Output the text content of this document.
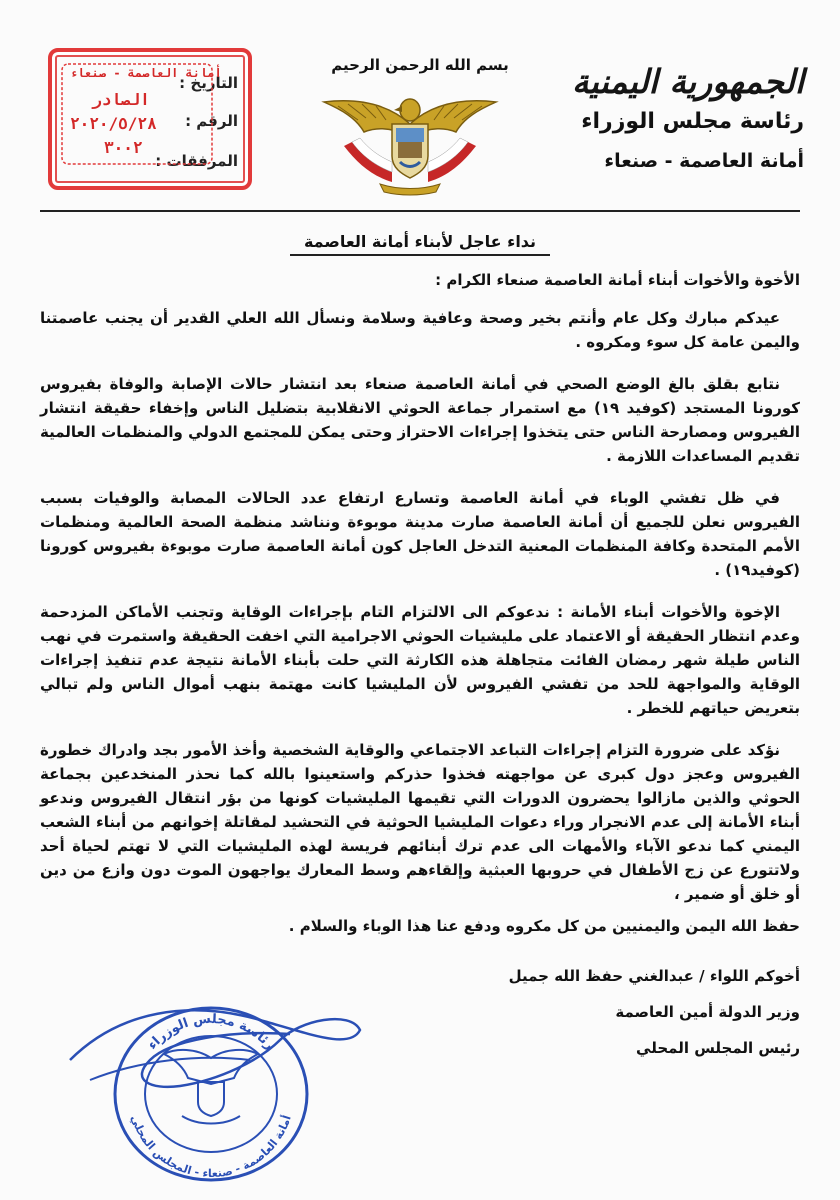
الجمهورية اليمنية
رئاسة مجلس الوزراء
أمانة العاصمة - صنعاء
بسم الله الرحمن الرحيم
التاريخ :
الرقم :
المرفقات :
أمانة العاصمة - صنعاء
الصادر
٢٠٢٠/٥/٢٨
٣٠٠٢
نداء عاجل لأبناء أمانة العاصمة

الأخوة والأخوات أبناء أمانة العاصمة صنعاء الكرام :

عيدكم مبارك وكل عام وأنتم بخير وصحة وعافية وسلامة ونسأل الله العلي القدير أن يجنب عاصمتنا واليمن عامة كل سوء ومكروه .

نتابع بقلق بالغ الوضع الصحي في أمانة العاصمة صنعاء بعد انتشار حالات الإصابة والوفاة بفيروس كورونا المستجد (كوفيد ١٩) مع استمرار جماعة الحوثي الانقلابية بتضليل الناس وإخفاء حقيقة انتشار الفيروس ومصارحة الناس حتى يتخذوا إجراءات الاحتراز وحتى يمكن للمجتمع الدولي والمنظمات العالمية تقديم المساعدات اللازمة .

في ظل تفشي الوباء في أمانة العاصمة وتسارع ارتفاع عدد الحالات المصابة والوفيات بسبب الفيروس نعلن للجميع أن أمانة العاصمة صارت مدينة موبوءة ونناشد منظمة الصحة العالمية ومنظمات الأمم المتحدة وكافة المنظمات المعنية التدخل العاجل كون أمانة العاصمة صارت موبوءة بفيروس كورونا (كوفيد١٩) .

الإخوة والأخوات أبناء الأمانة : ندعوكم الى الالتزام التام بإجراءات الوقاية وتجنب الأماكن المزدحمة وعدم انتظار الحقيقة أو الاعتماد على مليشيات الحوثي الاجرامية التي اخفت الحقيقة واستمرت في نهب الناس طيلة شهر رمضان الفائت متجاهلة هذه الكارثة التي حلت بأبناء الأمانة نتيجة عدم تنفيذ إجراءات الوقاية والمواجهة للحد من تفشي الفيروس لأن المليشيا كانت مهتمة بنهب أموال الناس ولم تبالي بتعريض حياتهم للخطر .

نؤكد على ضرورة التزام إجراءات التباعد الاجتماعي والوقاية الشخصية وأخذ الأمور بجد وادراك خطورة الفيروس وعجز دول كبرى عن مواجهته فخذوا حذركم واستعينوا بالله كما نحذر المنخدعين بجماعة الحوثي والذين مازالوا يحضرون الدورات التي تقيمها المليشيات كونها من بؤر انتقال الفيروس وندعو أبناء الأمانة إلى عدم الانجرار وراء دعوات المليشيا الحوثية في التحشيد لمقاتلة إخوانهم من أبناء الشعب اليمني كما ندعو الآباء والأمهات الى عدم ترك أبنائهم فريسة لهذه المليشيات التي لا تهتم لحياة أحد ولاتتورع عن زج الأطفال في حروبها العبثية وإلقاءهم وسط المعارك يواجهون الموت دون وازع من دين أو خلق أو ضمير ،

حفظ الله اليمن واليمنيين من كل مكروه ودفع عنا هذا الوباء والسلام .

أخوكم اللواء / عبدالغني حفظ الله جميل
وزير الدولة أمين العاصمة
رئيس المجلس المحلي
رئاسة مجلس الوزراء
أمانة العاصمة - صنعاء - المجلس المحلي
